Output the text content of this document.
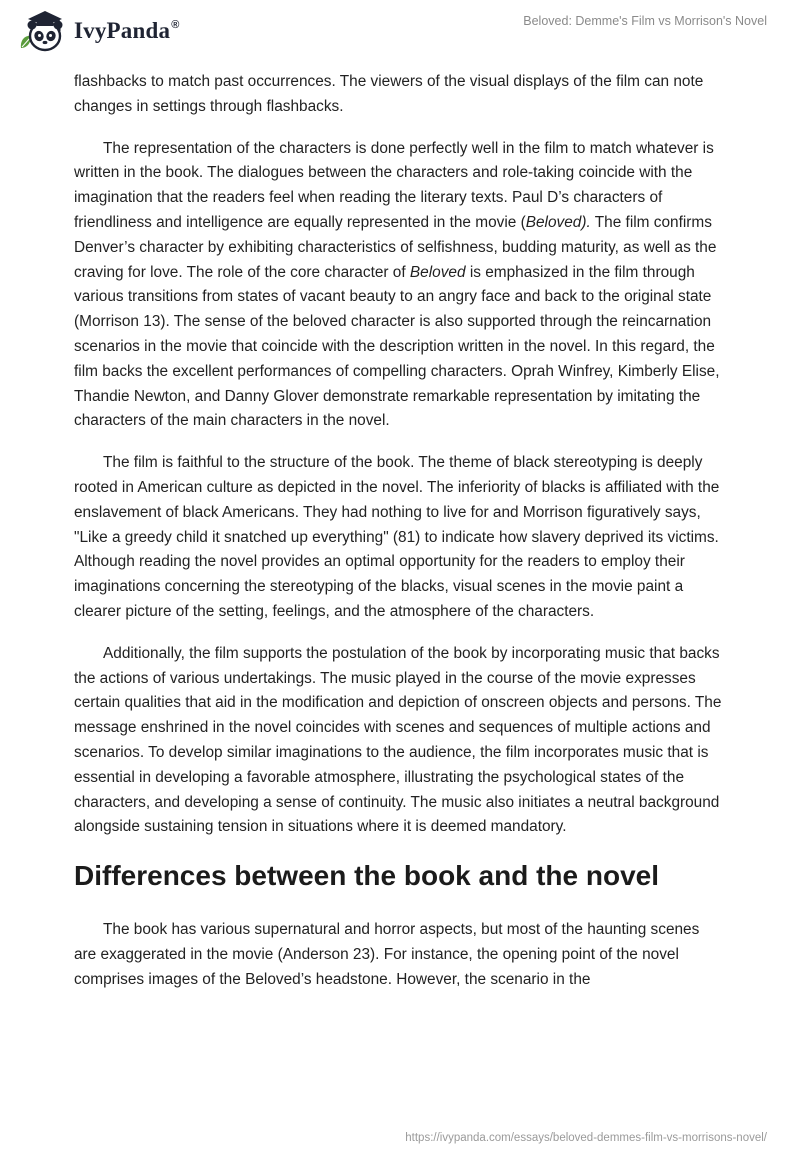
IvyPanda®	Beloved: Demme's Film vs Morrison's Novel

flashbacks to match past occurrences. The viewers of the visual displays of the film can note changes in settings through flashbacks.

The representation of the characters is done perfectly well in the film to match whatever is written in the book. The dialogues between the characters and role-taking coincide with the imagination that the readers feel when reading the literary texts. Paul D’s characters of friendliness and intelligence are equally represented in the movie (Beloved). The film confirms Denver’s character by exhibiting characteristics of selfishness, budding maturity, as well as the craving for love. The role of the core character of Beloved is emphasized in the film through various transitions from states of vacant beauty to an angry face and back to the original state (Morrison 13). The sense of the beloved character is also supported through the reincarnation scenarios in the movie that coincide with the description written in the novel. In this regard, the film backs the excellent performances of compelling characters. Oprah Winfrey, Kimberly Elise, Thandie Newton, and Danny Glover demonstrate remarkable representation by imitating the characters of the main characters in the novel.

The film is faithful to the structure of the book. The theme of black stereotyping is deeply rooted in American culture as depicted in the novel. The inferiority of blacks is affiliated with the enslavement of black Americans. They had nothing to live for and Morrison figuratively says, "Like a greedy child it snatched up everything" (81) to indicate how slavery deprived its victims. Although reading the novel provides an optimal opportunity for the readers to employ their imaginations concerning the stereotyping of the blacks, visual scenes in the movie paint a clearer picture of the setting, feelings, and the atmosphere of the characters.

Additionally, the film supports the postulation of the book by incorporating music that backs the actions of various undertakings. The music played in the course of the movie expresses certain qualities that aid in the modification and depiction of onscreen objects and persons. The message enshrined in the novel coincides with scenes and sequences of multiple actions and scenarios. To develop similar imaginations to the audience, the film incorporates music that is essential in developing a favorable atmosphere, illustrating the psychological states of the characters, and developing a sense of continuity. The music also initiates a neutral background alongside sustaining tension in situations where it is deemed mandatory.

Differences between the book and the novel

The book has various supernatural and horror aspects, but most of the haunting scenes are exaggerated in the movie (Anderson 23). For instance, the opening point of the novel comprises images of the Beloved’s headstone. However, the scenario in the

https://ivypanda.com/essays/beloved-demmes-film-vs-morrisons-novel/
